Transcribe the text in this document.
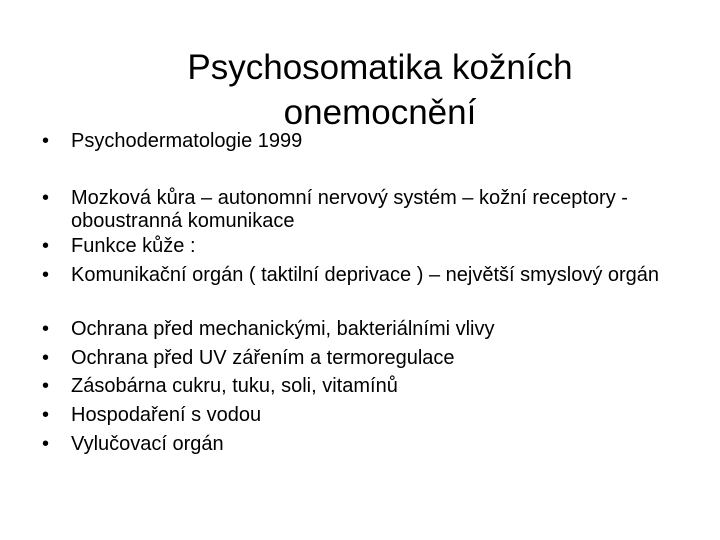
Psychosomatika kožních
onemocnění
•	Psychodermatologie 1999
•	Mozková kůra – autonomní nervový systém – kožní receptory - oboustranná komunikace
•	Funkce kůže :
•	Komunikační orgán ( taktilní deprivace ) – největší smyslový orgán
•	Ochrana před mechanickými, bakteriálními vlivy
•	Ochrana před UV zářením a termoregulace
•	Zásobárna cukru, tuku, soli, vitamínů
•	Hospodaření s vodou
•	Vylučovací orgán
